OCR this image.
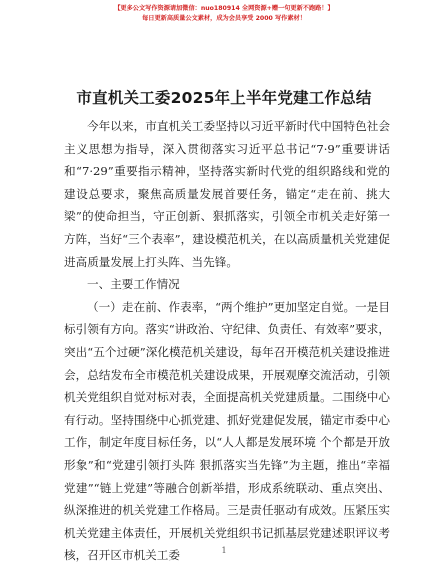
【更多公文写作资源请加微信：nuo180914 全网资源+赠一句更新不跑路！】
每日更新高质量公文素材，成为会员享受 2000 写作素材！
市直机关工委2025年上半年党建工作总结

今年以来，市直机关工委坚持以习近平新时代中国特色社会主义思想为指导，深入贯彻落实习近平总书记“7·9”重要讲话和“7·29”重要指示精神，坚持落实新时代党的组织路线和党的建设总要求，聚焦高质量发展首要任务，锚定“走在前、挑大梁”的使命担当，守正创新、狠抓落实，引领全市机关走好第一方阵，当好“三个表率”，建设模范机关，在以高质量机关党建促进高质量发展上打头阵、当先锋。

一、主要工作情况

（一）走在前、作表率，“两个维护”更加坚定自觉。一是目标引领有方向。落实“讲政治、守纪律、负责任、有效率”要求，突出“五个过硬”深化模范机关建设，每年召开模范机关建设推进会，总结发布全市模范机关建设成果，开展观摩交流活动，引领机关党组织自觉对标对表，全面提高机关党建质量。二围绕中心有行动。坚持围绕中心抓党建、抓好党建促发展，锚定市委中心工作，制定年度目标任务，以“人人都是发展环境 个个都是开放形象”和“党建引领打头阵 狠抓落实当先锋”为主题，推出“幸福党建”“链上党建”等融合创新举措，形成系统联动、重点突出、纵深推进的机关党建工作格局。三是责任驱动有成效。压紧压实机关党建主体责任，开展机关党组织书记抓基层党建述职评议考核，召开区市机关工委	1
